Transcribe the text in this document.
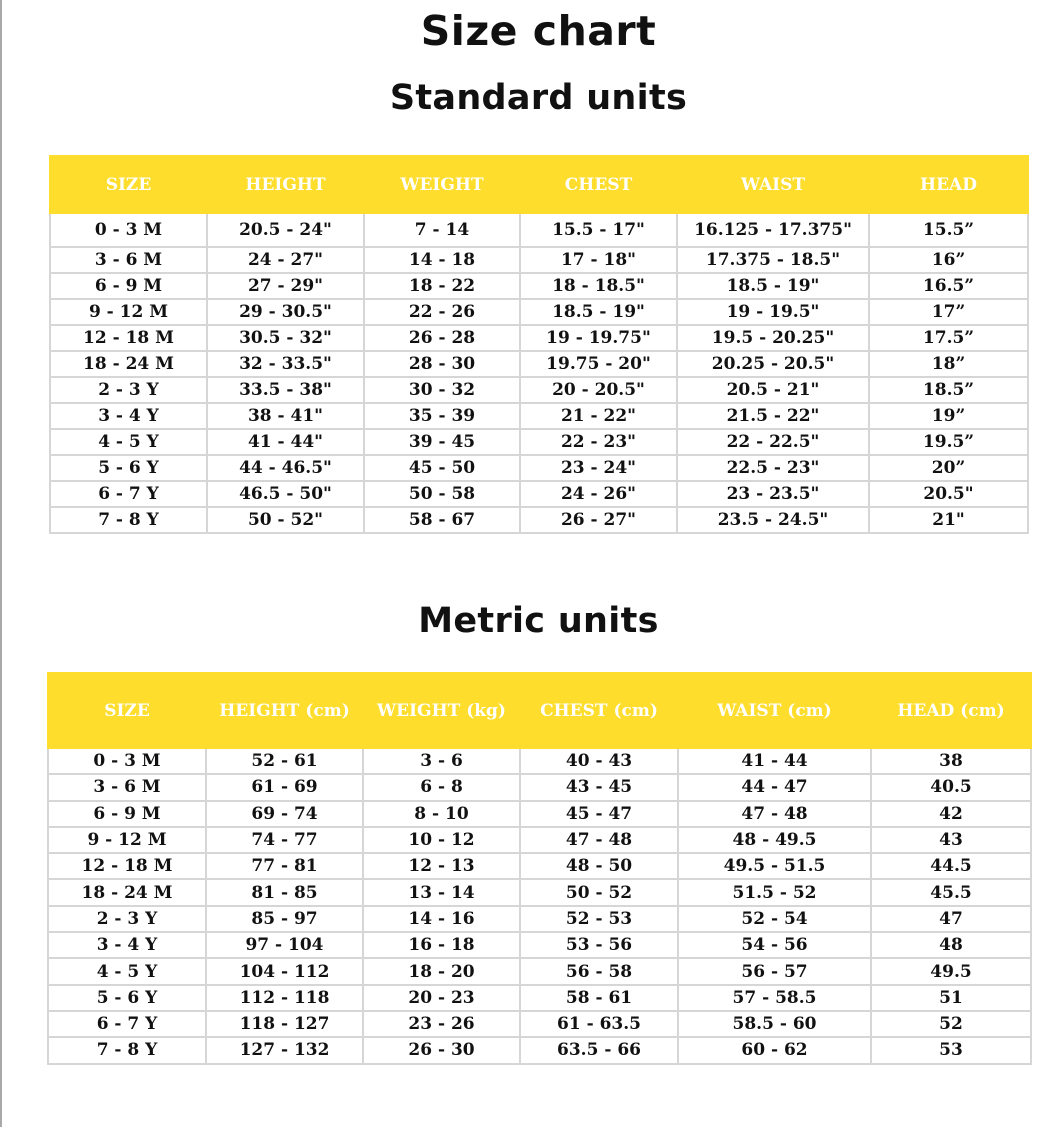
Size chart
Standard units
SIZE	HEIGHT	WEIGHT	CHEST	WAIST	HEAD
0 - 3 M	20.5 - 24"	7 - 14	15.5 - 17"	16.125 - 17.375"	15.5”
3 - 6 M	24 - 27"	14 - 18	17 - 18"	17.375 - 18.5"	16”
6 - 9 M	27 - 29"	18 - 22	18 - 18.5"	18.5 - 19"	16.5”
9 - 12 M	29 - 30.5"	22 - 26	18.5 - 19"	19 - 19.5"	17”
12 - 18 M	30.5 - 32"	26 - 28	19 - 19.75"	19.5 - 20.25"	17.5”
18 - 24 M	32 - 33.5"	28 - 30	19.75 - 20"	20.25 - 20.5"	18”
2 - 3 Y	33.5 - 38"	30 - 32	20 - 20.5"	20.5 - 21"	18.5”
3 - 4 Y	38 - 41"	35 - 39	21 - 22"	21.5 - 22"	19”
4 - 5 Y	41 - 44"	39 - 45	22 - 23"	22 - 22.5"	19.5”
5 - 6 Y	44 - 46.5"	45 - 50	23 - 24"	22.5 - 23"	20”
6 - 7 Y	46.5 - 50"	50 - 58	24 - 26"	23 - 23.5"	20.5"
7 - 8 Y	50 - 52"	58 - 67	26 - 27"	23.5 - 24.5"	21"
Metric units
SIZE	HEIGHT (cm)	WEIGHT (kg)	CHEST (cm)	WAIST (cm)	HEAD (cm)
0 - 3 M	52 - 61	3 - 6	40 - 43	41 - 44	38
3 - 6 M	61 - 69	6 - 8	43 - 45	44 - 47	40.5
6 - 9 M	69 - 74	8 - 10	45 - 47	47 - 48	42
9 - 12 M	74 - 77	10 - 12	47 - 48	48 - 49.5	43
12 - 18 M	77 - 81	12 - 13	48 - 50	49.5 - 51.5	44.5
18 - 24 M	81 - 85	13 - 14	50 - 52	51.5 - 52	45.5
2 - 3 Y	85 - 97	14 - 16	52 - 53	52 - 54	47
3 - 4 Y	97 - 104	16 - 18	53 - 56	54 - 56	48
4 - 5 Y	104 - 112	18 - 20	56 - 58	56 - 57	49.5
5 - 6 Y	112 - 118	20 - 23	58 - 61	57 - 58.5	51
6 - 7 Y	118 - 127	23 - 26	61 - 63.5	58.5 - 60	52
7 - 8 Y	127 - 132	26 - 30	63.5 - 66	60 - 62	53
